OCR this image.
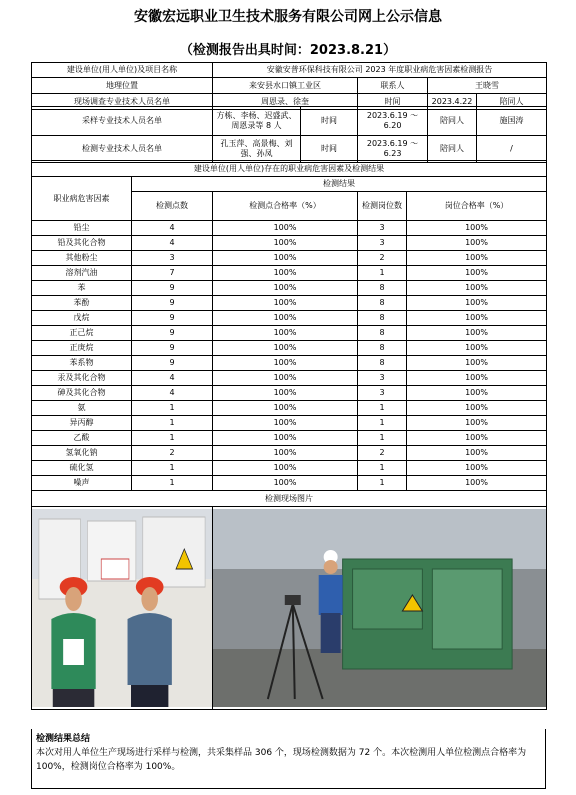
安徽宏远职业卫生技术服务有限公司网上公示信息
（检测报告出具时间：2023.8.21）
建设单位(用人单位)及项目名称	安徽安普环保科技有限公司 2023 年度职业病危害因素检测报告			
地理位置	来安县水口镇工业区	联系人	王晓雪	
现场调查专业技术人员名单	周恩录、徐奎	时间	2023.4.22	陪同人
采样专业技术人员名单	方栋、李杨、迟盛武、周恩录等 8 人	时间	2023.6.19 ～6.20	陪同人	施国涛
检测专业技术人员名单	孔玉萍、高景梅、刘强、孙凤	时间	2023.6.19 ～6.23	陪同人	/
建设单位(用人单位)存在的职业病危害因素及检测结果				
职业病危害因素	检测结果			
	检测点数	检测点合格率（%）	检测岗位数	岗位合格率（%）
铅尘	4	100%	3	100%
铅及其化合物	4	100%	3	100%
其他粉尘	3	100%	2	100%
溶剂汽油	7	100%	1	100%
苯	9	100%	8	100%
苯酚	9	100%	8	100%
戊烷	9	100%	8	100%
正己烷	9	100%	8	100%
正庚烷	9	100%	8	100%
苯系物	9	100%	8	100%
汞及其化合物	4	100%	3	100%
砷及其化合物	4	100%	3	100%
氨	1	100%	1	100%
异丙醇	1	100%	1	100%
乙酸	1	100%	1	100%
氢氧化钠	2	100%	2	100%
硫化氢	1	100%	1	100%
噪声	1	100%	1	100%
检测现场图片				

检测结果总结
本次对用人单位生产现场进行采样与检测，共采集样品 306 个，现场检测数据为 72 个。本次检测用人单位检测点合格率为 100%，检测岗位合格率为 100%。
